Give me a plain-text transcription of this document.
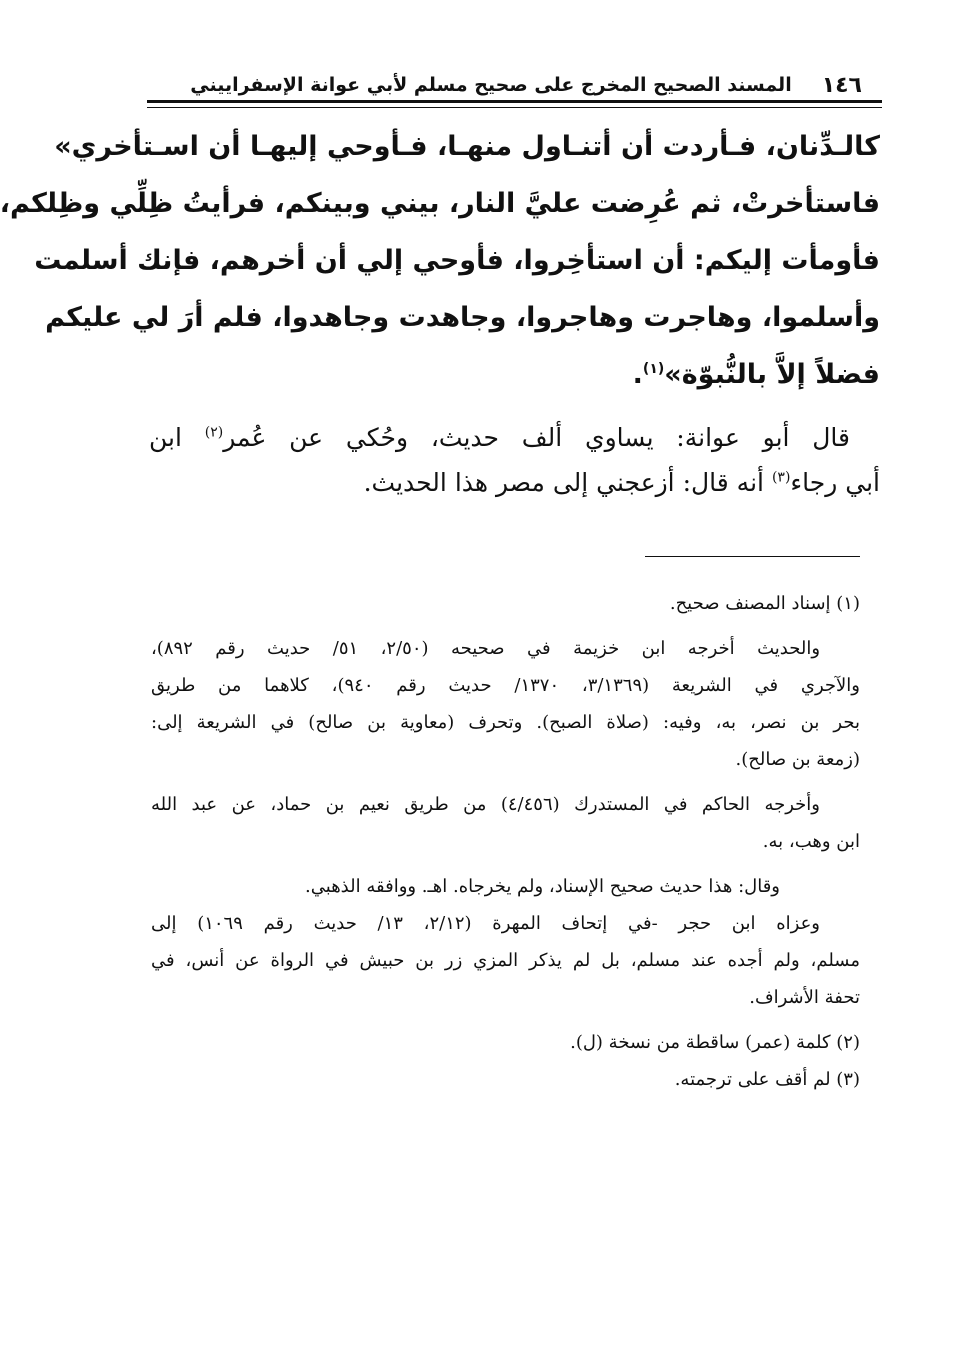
١٤٦
المسند الصحيح المخرج على صحيح مسلم لأبي عوانة الإسفراييني
كالـدِّنان، فـأردت أن أتنـاول منهـا، فـأوحي إليهـا أن اسـتأخري»
فاستأخرتْ، ثم عُرِضت عليَّ النار، بيني وبينكم، فرأيتُ ظِلِّي وظِلكم،
فأومأت إليكم: أن استأخِروا، فأوحي إلي أن أخرهم، فإنك أسلمت
وأسلموا، وهاجرت وهاجروا، وجاهدت وجاهدوا، فلم أرَ لي عليكم
فضلاً إلاَّ بالنُّبوّة»$^{(١)}$.
قال أبو عوانة: يساوي ألف حديث، وحُكي عن عُمر$^{(٢)}$ ابن
أبي رجاء$^{(٣)}$ أنه قال: أزعجني إلى مصر هذا الحديث.
(١) إسناد المصنف صحيح.
والحديث أخرجه ابن خزيمة في صحيحه (٢/٥٠، ٥١/ حديث رقم ٨٩٢)،
والآجري في الشريعة (٣/١٣٦٩، ١٣٧٠/ حديث رقم ٩٤٠)، كلاهما من طريق
بحر بن نصر، به، وفيه: (صلاة الصبح). وتحرف (معاوية بن صالح) في الشريعة إلى:
(زمعة بن صالح).
وأخرجه الحاكم في المستدرك (٤/٤٥٦) من طريق نعيم بن حماد، عن عبد الله
ابن وهب، به.
وقال: هذا حديث صحيح الإسناد، ولم يخرجاه. اهـ. ووافقه الذهبي.
وعزاه ابن حجر -في إتحاف المهرة (٢/١٢، ١٣/ حديث رقم ١٠٦٩) إلى
مسلم، ولم أجده عند مسلم، بل لم يذكر المزي زر بن حبيش في الرواة عن أنس، في
تحفة الأشراف.
(٢) كلمة (عمر) ساقطة من نسخة (ل).
(٣) لم أقف على ترجمته.
